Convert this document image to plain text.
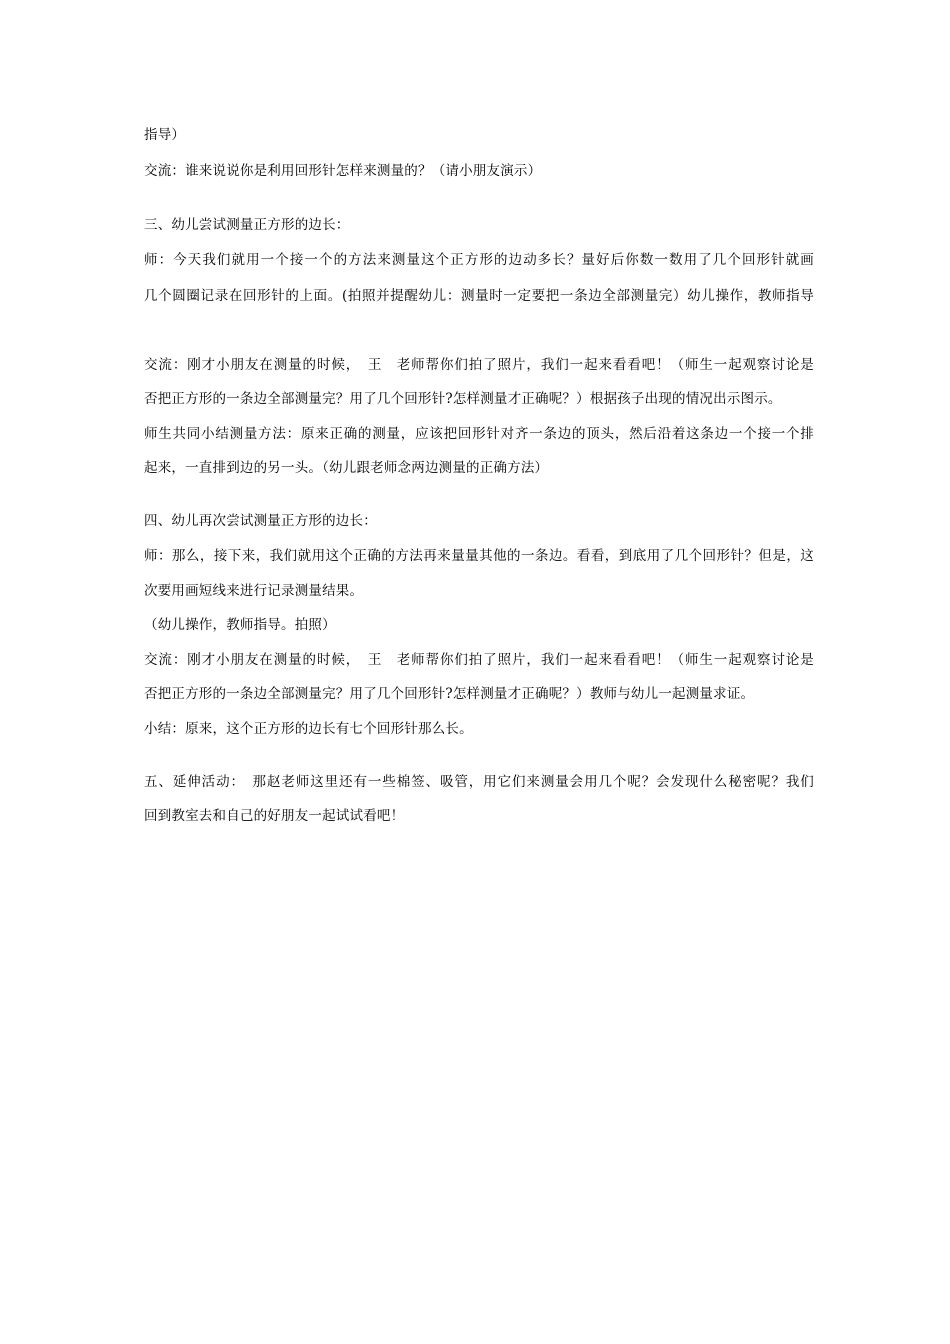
指导）
交流：谁来说说你是利用回形针怎样来测量的？（请小朋友演示）
三、幼儿尝试测量正方形的边长：
师：今天我们就用一个接一个的方法来测量这个正方形的边动多长？量好后你数一数用了几个回形针就画
几个圆圈记录在回形针的上面。(拍照并提醒幼儿：测量时一定要把一条边全部测量完）幼儿操作，教师指导
交流：刚才小朋友在测量的时候，　王　老师帮你们拍了照片，我们一起来看看吧！（师生一起观察讨论是
否把正方形的一条边全部测量完？用了几个回形针?怎样测量才正确呢？）根据孩子出现的情况出示图示。
师生共同小结测量方法：原来正确的测量，应该把回形针对齐一条边的顶头，然后沿着这条边一个接一个排
起来，一直排到边的另一头。（幼儿跟老师念两边测量的正确方法）
四、幼儿再次尝试测量正方形的边长：
师：那么，接下来，我们就用这个正确的方法再来量量其他的一条边。看看，到底用了几个回形针？但是，这
次要用画短线来进行记录测量结果。
（幼儿操作，教师指导。拍照）
交流：刚才小朋友在测量的时候，　王　老师帮你们拍了照片，我们一起来看看吧！（师生一起观察讨论是
否把正方形的一条边全部测量完？用了几个回形针?怎样测量才正确呢？）教师与幼儿一起测量求证。
小结：原来，这个正方形的边长有七个回形针那么长。
五、延伸活动：　那赵老师这里还有一些棉签、吸管，用它们来测量会用几个呢？会发现什么秘密呢？我们
回到教室去和自己的好朋友一起试试看吧！
